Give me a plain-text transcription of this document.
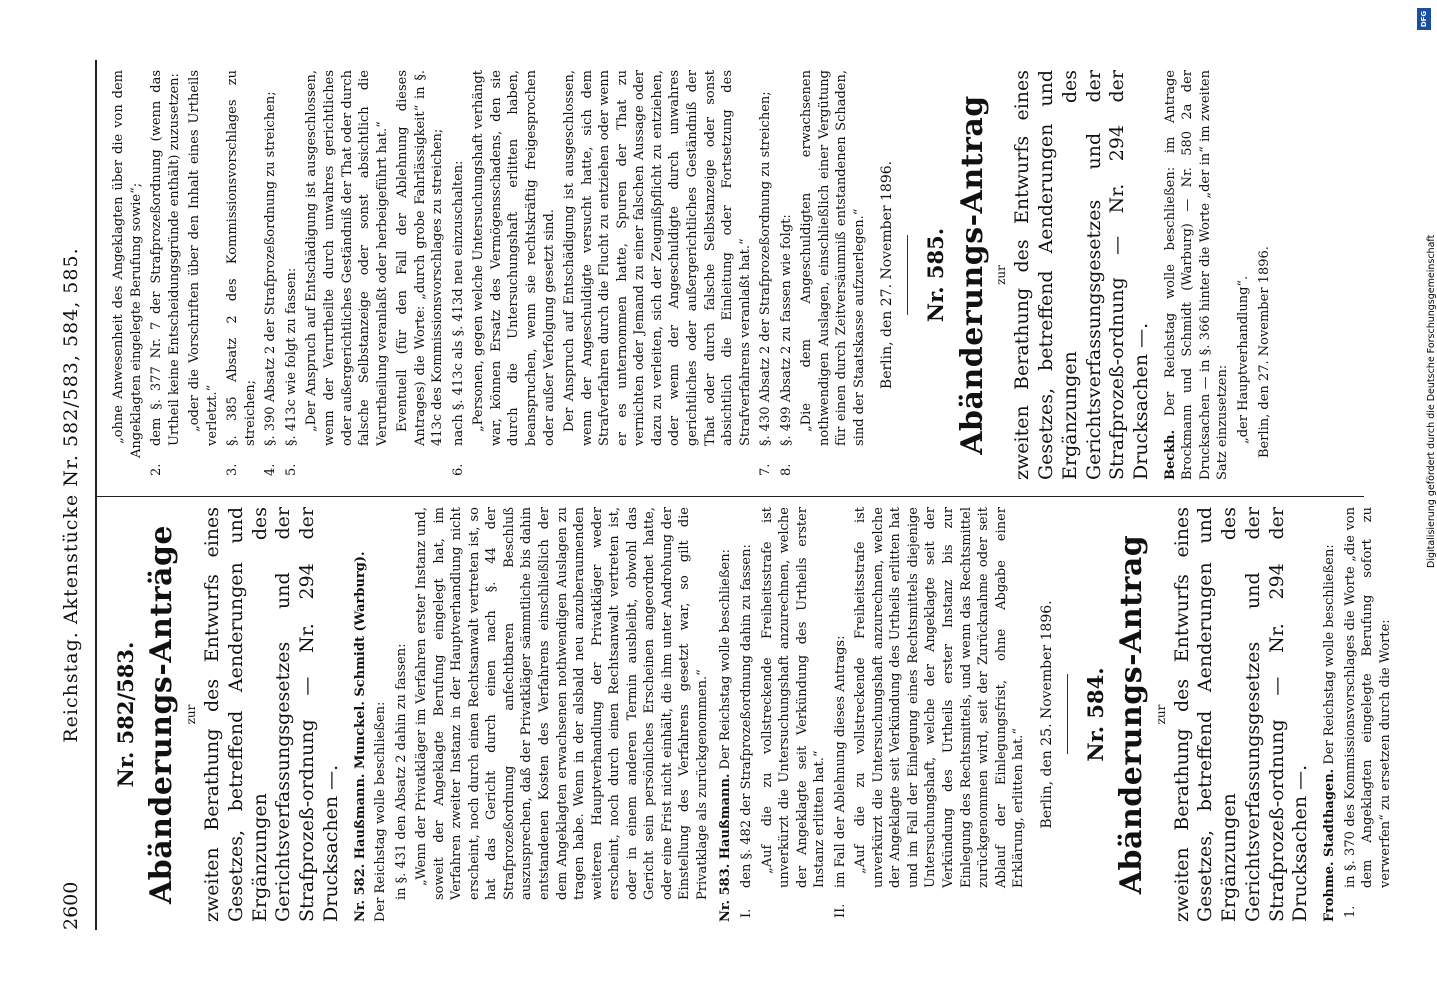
2600
Reichstag. Aktenstücke Nr. 582/583, 584, 585. Nr. 582/583. Abänderungs-Anträge zur zweiten Berathung des Entwurfs eines Gesetzes, betreffend Aenderungen und Ergänzungen des Gerichtsverfassungsgesetzes und der Strafprozeß-ordnung — Nr. 294 der Drucksachen —. Nr. 582. Haußmann. Munckel. Schmidt (Warburg). Der Reichstag wolle beschließen: in §. 431 den Absatz 2 dahin zu fassen: „Wenn der Privatkläger im Verfahren erster Instanz und, soweit der Angeklagte Berufung eingelegt hat, im Verfahren zweiter Instanz in der Hauptverhandlung nicht erscheint, noch durch einen Rechtsanwalt vertreten ist, so hat das Gericht durch einen nach §. 44 der Strafprozeßordnung anfechtbaren Beschluß auszusprechen, daß der Privatkläger sämmtliche bis dahin entstandenen Kosten des Verfahrens einschließlich der dem Angeklagten erwachsenen nothwendigen Auslagen zu tragen habe. Wenn in der alsbald neu anzuberaumenden weiteren Hauptverhandlung der Privatkläger weder erscheint, noch durch einen Rechtsanwalt vertreten ist, oder in einem anderen Termin ausbleibt, obwohl das Gericht sein persönliches Erscheinen angeordnet hatte, oder eine Frist nicht einhält, die ihm unter Androhung der Einstellung des Verfahrens gesetzt war, so gilt die Privatklage als zurückgenommen.“ Nr. 583. Haußmann. Der Reichstag wolle beschließen:

I.
den §. 482 der Strafprozeßordnung dahin zu fassen: „Auf die zu vollstreckende Freiheitsstrafe ist unverkürzt die Untersuchungshaft anzurechnen, welche der Angeklagte seit Verkündung des Urtheils erster Instanz erlitten hat.“

II.
im Fall der Ablehnung dieses Antrags: „Auf die zu vollstreckende Freiheitsstrafe ist unverkürzt die Untersuchungshaft anzurechnen, welche der Angeklagte seit Verkündung des Urtheils erlitten hat und im Fall der Einlegung eines Rechtsmittels diejenige Untersuchungshaft, welche der Angeklagte seit der Verkündung des Urtheils erster Instanz bis zur Einlegung des Rechtsmittels, und wenn das Rechtsmittel zurückgenommen wird, seit der Zurücknahme oder seit Ablauf der Einlegungsfrist, ohne Abgabe einer Erklärung, erlitten hat.“ Berlin, den 25. November 1896. Nr. 584. Abänderungs-Antrag zur zweiten Berathung des Entwurfs eines Gesetzes, betreffend Aenderungen und Ergänzungen des Gerichtsverfassungsgesetzes und der Strafprozeß-ordnung — Nr. 294 der Drucksachen —. Frohme. Stadthagen. Der Reichstag wolle beschließen:

1.
in §. 370 des Kommissionsvorschlages die Worte „die von dem Angeklagten eingelegte Berufung sofort zu verwerfen“ zu ersetzen durch die Worte:

„ohne Anwesenheit des Angeklagten über die von dem Angeklagten eingelegte Berufung sowie“;

2.
dem §. 377 Nr. 7 der Strafprozeßordnung (wenn das Urtheil keine Entscheidungsgründe enthält) zuzusetzen: „oder die Vorschriften über den Inhalt eines Urtheils verletzt.“

3.
§. 385 Absatz 2 des Kommissionsvorschlages zu streichen;

4.
§. 390 Absatz 2 der Strafprozeßordnung zu streichen;

5.
§. 413c wie folgt zu fassen: „Der Anspruch auf Entschädigung ist ausgeschlossen, wenn der Verurtheilte durch unwahres gerichtliches oder außergerichtliches Geständniß der That oder durch falsche Selbstanzeige oder sonst absichtlich die Verurtheilung veranlaßt oder herbeigeführt hat.“ Eventuell (für den Fall der Ablehnung dieses Antrages) die Worte: „durch grobe Fahrlässigkeit“ in §. 413c des Kommissionsvorschlages zu streichen;

6.
nach §. 413c als §. 413d neu einzuschalten: „Personen, gegen welche Untersuchungshaft verhängt war, können Ersatz des Vermögensschadens, den sie durch die Untersuchungshaft erlitten haben, beanspruchen, wenn sie rechtskräftig freigesprochen oder außer Verfolgung gesetzt sind. Der Anspruch auf Entschädigung ist ausgeschlossen, wenn der Angeschuldigte versucht hatte, sich dem Strafverfahren durch die Flucht zu entziehen oder wenn er es unternommen hatte, Spuren der That zu vernichten oder Jemand zu einer falschen Aussage oder dazu zu verleiten, sich der Zeugnißpflicht zu entziehen, oder wenn der Angeschuldigte durch unwahres gerichtliches oder außergerichtliches Geständniß der That oder durch falsche Selbstanzeige oder sonst absichtlich die Einleitung oder Fortsetzung des Strafverfahrens veranlaßt hat.“

7.
§. 430 Absatz 2 der Strafprozeßordnung zu streichen;

8.
§. 499 Absatz 2 zu fassen wie folgt: „Die dem Angeschuldigten erwachsenen nothwendigen Auslagen, einschließlich einer Vergütung für einen durch Zeitversäumniß entstandenen Schaden, sind der Staatskasse aufzuerlegen.“ Berlin, den 27. November 1896. Nr. 585. Abänderungs-Antrag zur zweiten Berathung des Entwurfs eines Gesetzes, betreffend Aenderungen und Ergänzungen des Gerichtsverfassungsgesetzes und der Strafprozeß-ordnung — Nr. 294 der Drucksachen —. Beckh. Der Reichstag wolle beschließen: im Antrage Brockmann und Schmidt (Warburg) — Nr. 580 2a der Drucksachen — in §. 366 hinter die Worte „der in“ im zweiten Satz einzusetzen: „der Hauptverhandlung“. Berlin, den 27. November 1896.

DFG
Digitalisierung gefördert durch die Deutsche Forschungsgemeinschaft
